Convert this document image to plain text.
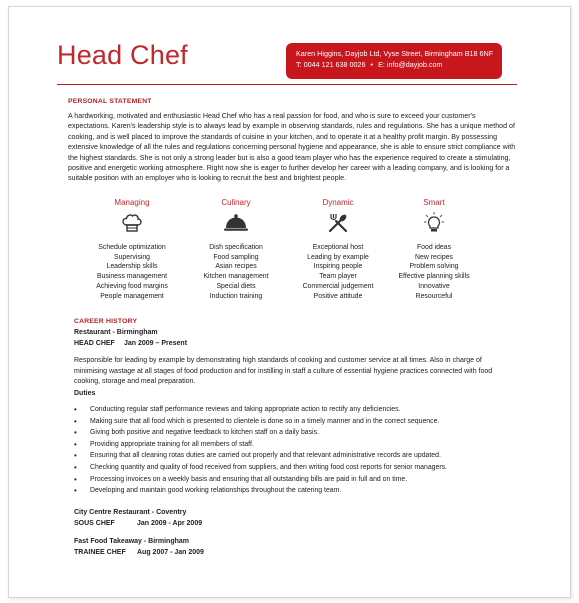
Head Chef	Karen Higgins, Dayjob Ltd, Vyse Street, Birmingham B18 6NF
T: 0044 121 638 0026 • E: info@dayjob.com
PERSONAL STATEMENT
A hardworking, motivated and enthusiastic Head Chef who has a real passion for food, and who is sure to exceed your customer's expectations. Karen's leadership style is to always lead by example in observing standards, rules and regulations. She has a unique method of cooking, and is well placed to improve the standards of cuisine in your kitchen, and to operate it at a healthy profit margin. By possessing extensive knowledge of all the rules and regulations concerning personal hygiene and appearance, she is able to ensure strict compliance with the highest standards. She is not only a strong leader but is also a good team player who has the experience required to create a stimulating, positive and energetic working atmosphere. Right now she is eager to further develop her career with a leading company, and is looking for a suitable position with an employer who is looking to recruit the best and brightest people.
Managing
Schedule optimization
Supervising
Leadership skills
Business management
Achieving food margins
People management
Culinary
Dish specification
Food sampling
Asian recipes
Kitchen management
Special diets
Induction training
Dynamic
Exceptional host
Leading by example
Inspiring people
Team player
Commercial judgement
Positive attitude
Smart
Food ideas
New recipes
Problem solving
Effective planning skills
Innovative
Resourceful
CAREER HISTORY
Restaurant - Birmingham
HEAD CHEF Jan 2009 – Present
Responsible for leading by example by demonstrating high standards of cooking and customer service at all times. Also in charge of minimising wastage at all stages of food production and for instilling in staff a culture of essential hygiene practices connected with food cooking, storage and meal preparation.
Duties
• Conducting regular staff performance reviews and taking appropriate action to rectify any deficiencies.
• Making sure that all food which is presented to clientele is done so in a timely manner and in the correct sequence.
• Giving both positive and negative feedback to kitchen staff on a daily basis.
• Providing appropriate training for all members of staff.
• Ensuring that all cleaning rotas duties are carried out properly and that relevant administrative records are updated.
• Checking quantity and quality of food received from suppliers, and then writing food cost reports for senior managers.
• Processing invoices on a weekly basis and ensuring that all outstanding bills are paid in full and on time.
• Developing and maintain good working relationships throughout the catering team.
City Centre Restaurant - Coventry
SOUS CHEF	Jan 2009 - Apr 2009
Fast Food Takeaway - Birmingham
TRAINEE CHEF Aug 2007 - Jan 2009
